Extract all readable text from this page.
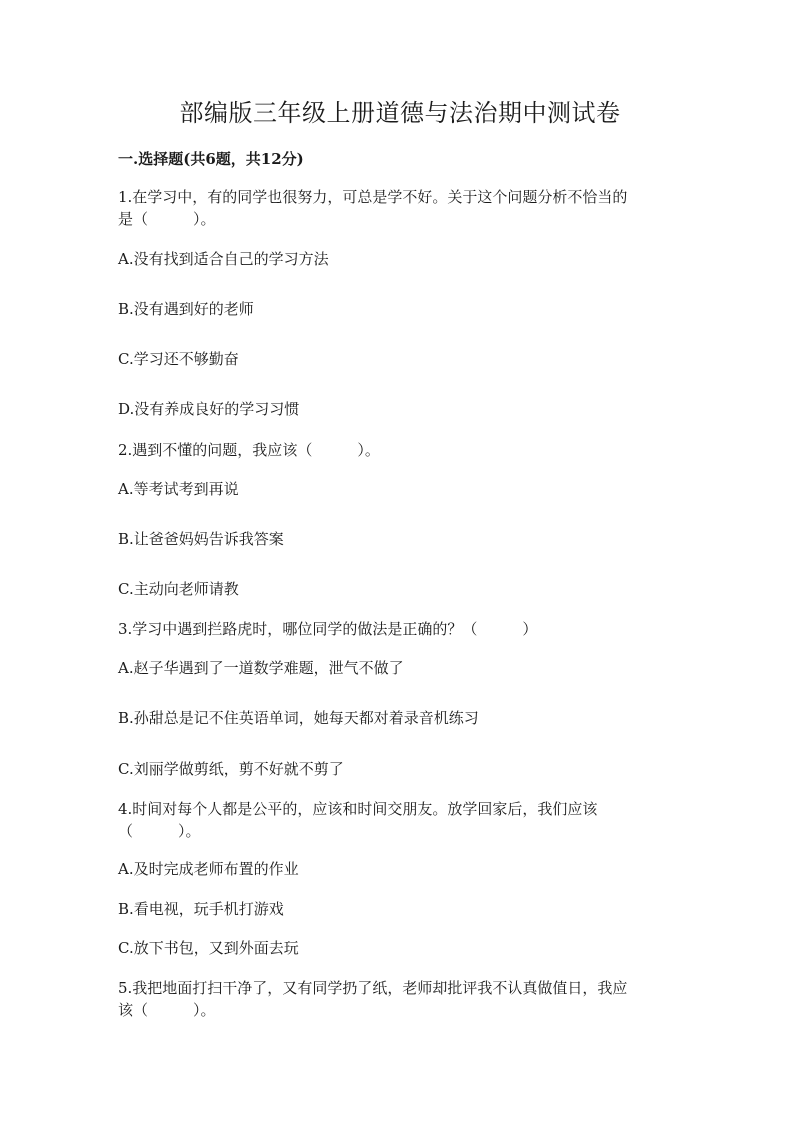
部编版三年级上册道德与法治期中测试卷
一.选择题(共6题，共12分)
1.在学习中，有的同学也很努力，可总是学不好。关于这个问题分析不恰当的
是（　　　）。
A.没有找到适合自己的学习方法
B.没有遇到好的老师
C.学习还不够勤奋
D.没有养成良好的学习习惯
2.遇到不懂的问题，我应该（　　　）。
A.等考试考到再说
B.让爸爸妈妈告诉我答案
C.主动向老师请教
3.学习中遇到拦路虎时，哪位同学的做法是正确的？（　　　）
A.赵子华遇到了一道数学难题，泄气不做了
B.孙甜总是记不住英语单词，她每天都对着录音机练习
C.刘丽学做剪纸，剪不好就不剪了
4.时间对每个人都是公平的，应该和时间交朋友。放学回家后，我们应该
（　　　）。
A.及时完成老师布置的作业
B.看电视，玩手机打游戏
C.放下书包，又到外面去玩
5.我把地面打扫干净了，又有同学扔了纸，老师却批评我不认真做值日，我应
该（　　　）。
